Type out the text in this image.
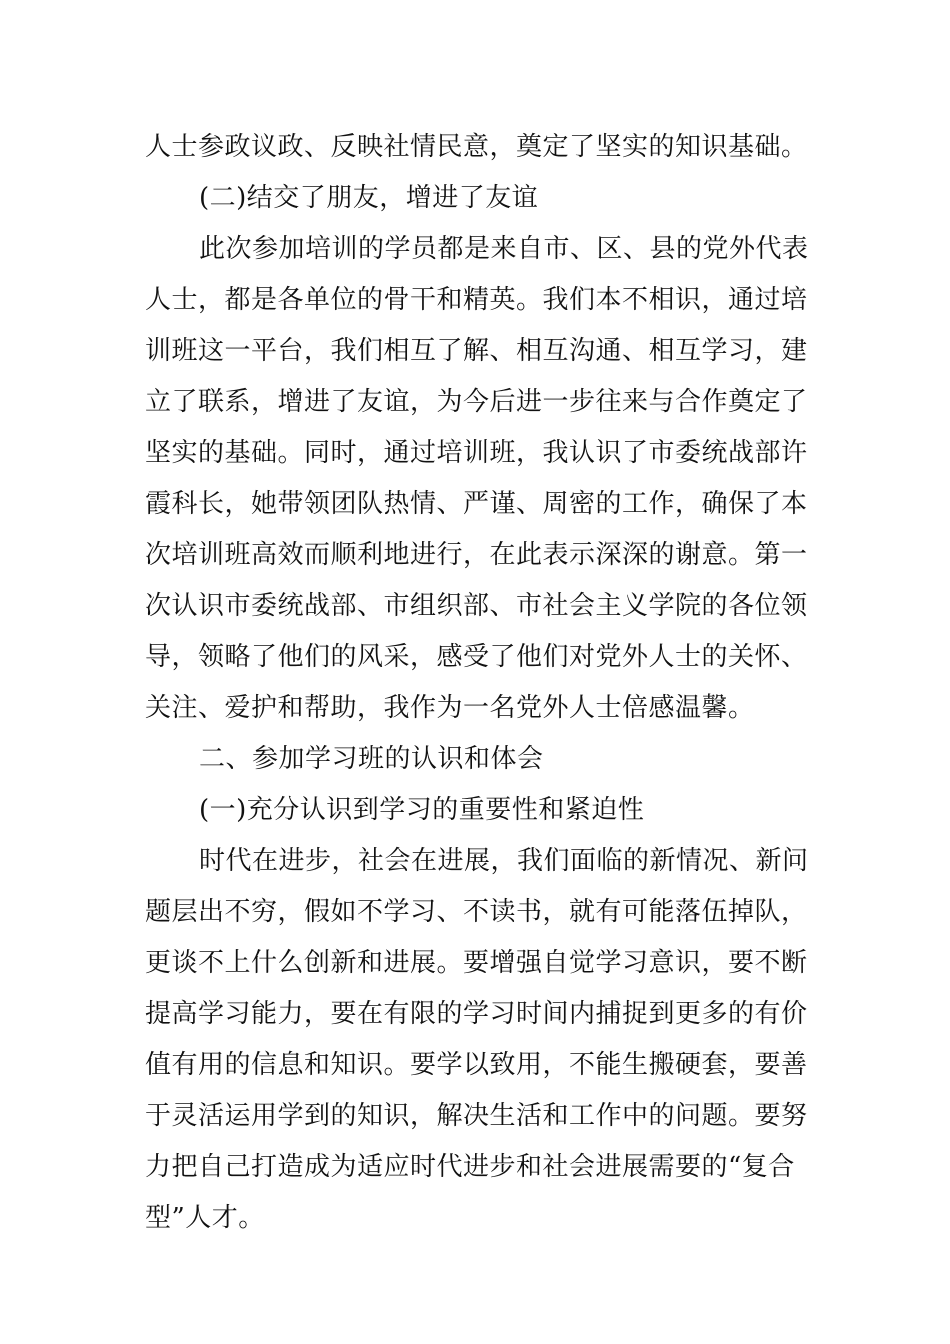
人士参政议政、反映社情民意，奠定了坚实的知识基础。
(二)结交了朋友，增进了友谊
此次参加培训的学员都是来自市、区、县的党外代表
人士，都是各单位的骨干和精英。我们本不相识，通过培
训班这一平台，我们相互了解、相互沟通、相互学习，建
立了联系，增进了友谊，为今后进一步往来与合作奠定了
坚实的基础。同时，通过培训班，我认识了市委统战部许
霞科长，她带领团队热情、严谨、周密的工作，确保了本
次培训班高效而顺利地进行，在此表示深深的谢意。第一
次认识市委统战部、市组织部、市社会主义学院的各位领
导，领略了他们的风采，感受了他们对党外人士的关怀、
关注、爱护和帮助，我作为一名党外人士倍感温馨。
二、参加学习班的认识和体会
(一)充分认识到学习的重要性和紧迫性
时代在进步，社会在进展，我们面临的新情况、新问
题层出不穷，假如不学习、不读书，就有可能落伍掉队，
更谈不上什么创新和进展。要增强自觉学习意识，要不断
提高学习能力，要在有限的学习时间内捕捉到更多的有价
值有用的信息和知识。要学以致用，不能生搬硬套，要善
于灵活运用学到的知识，解决生活和工作中的问题。要努
力把自己打造成为适应时代进步和社会进展需要的“复合
型”人才。
